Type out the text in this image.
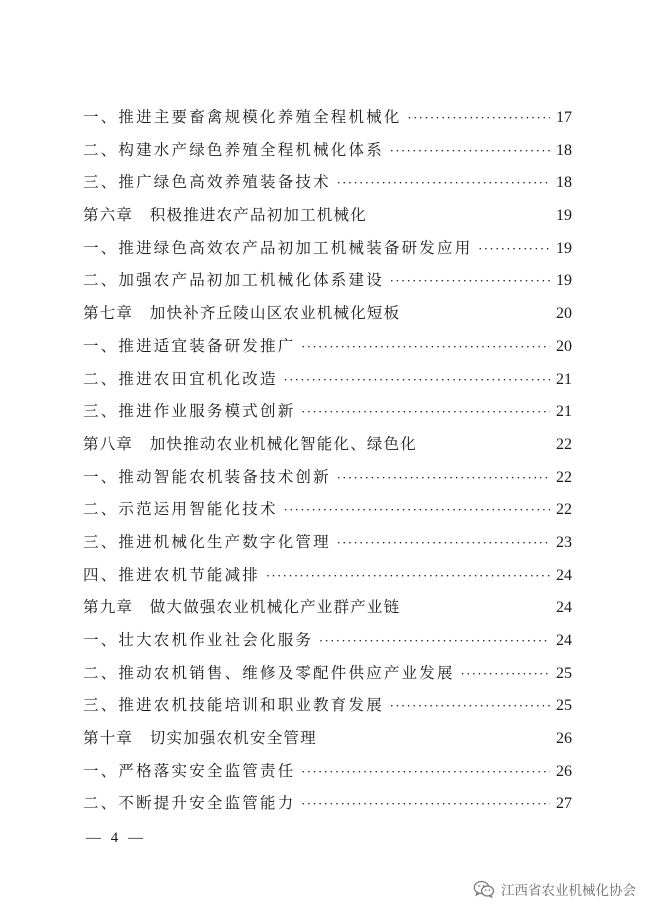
一、推进主要畜禽规模化养殖全程机械化 ·····	17
二、构建水产绿色养殖全程机械化体系 ·····	18
三、推广绿色高效养殖装备技术 ·····	18
第六章　积极推进农产品初加工机械化	19
一、推进绿色高效农产品初加工机械装备研发应用 ·····	19
二、加强农产品初加工机械化体系建设 ·····	19
第七章　加快补齐丘陵山区农业机械化短板	20
一、推进适宜装备研发推广 ·····	20
二、推进农田宜机化改造 ·····	21
三、推进作业服务模式创新 ·····	21
第八章　加快推动农业机械化智能化、绿色化	22
一、推动智能农机装备技术创新 ·····	22
二、示范运用智能化技术 ·····	22
三、推进机械化生产数字化管理 ·····	23
四、推进农机节能减排 ·····	24
第九章　做大做强农业机械化产业群产业链	24
一、壮大农机作业社会化服务 ·····	24
二、推动农机销售、维修及零配件供应产业发展 ·····	25
三、推进农机技能培训和职业教育发展 ·····	25
第十章　切实加强农机安全管理	26
一、严格落实安全监管责任 ·····	26
二、不断提升安全监管能力 ·····	27
— 4 —
江西省农业机械化协会
